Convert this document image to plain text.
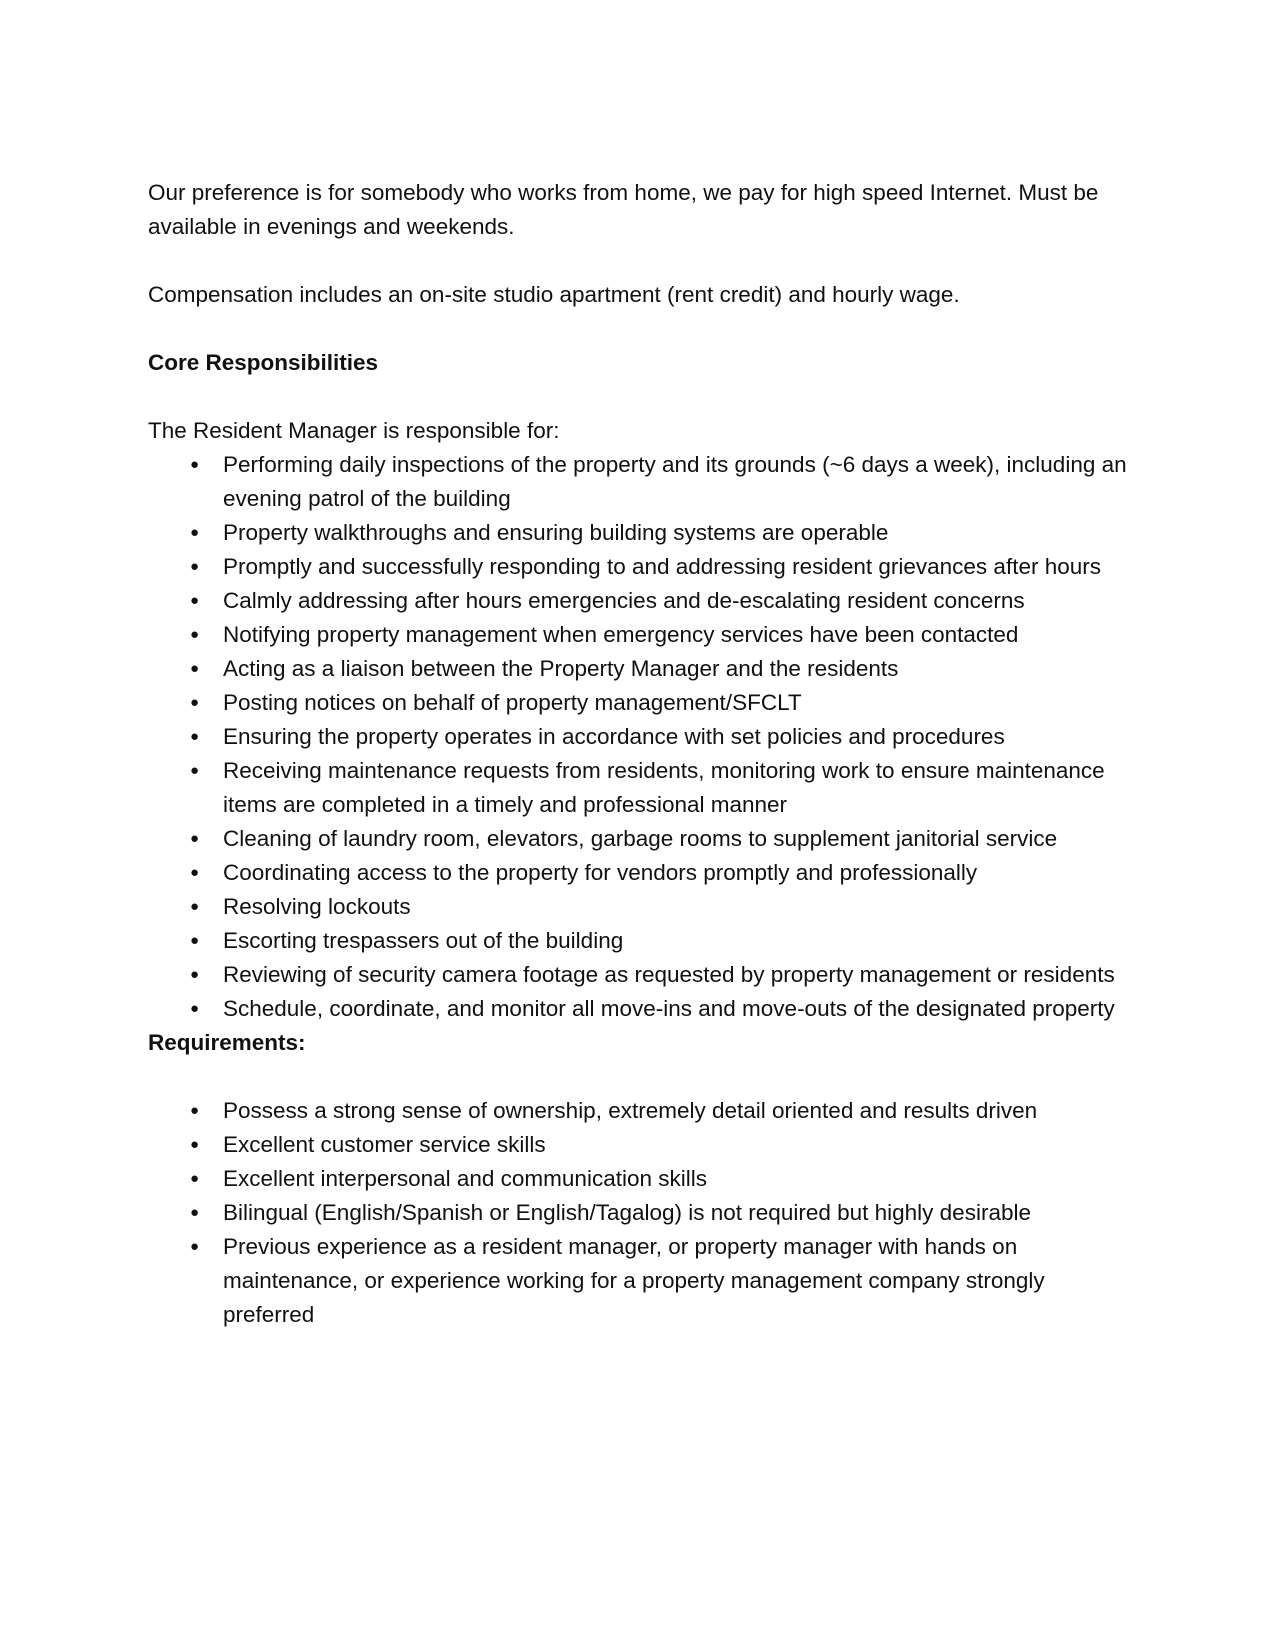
Our preference is for somebody who works from home, we pay for high speed Internet. Must be available in evenings and weekends.

Compensation includes an on-site studio apartment (rent credit) and hourly wage.

Core Responsibilities

The Resident Manager is responsible for:

● Performing daily inspections of the property and its grounds (~6 days a week), including an evening patrol of the building
● Property walkthroughs and ensuring building systems are operable
● Promptly and successfully responding to and addressing resident grievances after hours
● Calmly addressing after hours emergencies and de-escalating resident concerns
● Notifying property management when emergency services have been contacted
● Acting as a liaison between the Property Manager and the residents
● Posting notices on behalf of property management/SFCLT
● Ensuring the property operates in accordance with set policies and procedures
● Receiving maintenance requests from residents, monitoring work to ensure maintenance items are completed in a timely and professional manner
● Cleaning of laundry room, elevators, garbage rooms to supplement janitorial service
● Coordinating access to the property for vendors promptly and professionally
● Resolving lockouts
● Escorting trespassers out of the building
● Reviewing of security camera footage as requested by property management or residents
● Schedule, coordinate, and monitor all move-ins and move-outs of the designated property

Requirements:

● Possess a strong sense of ownership, extremely detail oriented and results driven
● Excellent customer service skills
● Excellent interpersonal and communication skills
● Bilingual (English/Spanish or English/Tagalog) is not required but highly desirable
● Previous experience as a resident manager, or property manager with hands on maintenance, or experience working for a property management company strongly preferred
